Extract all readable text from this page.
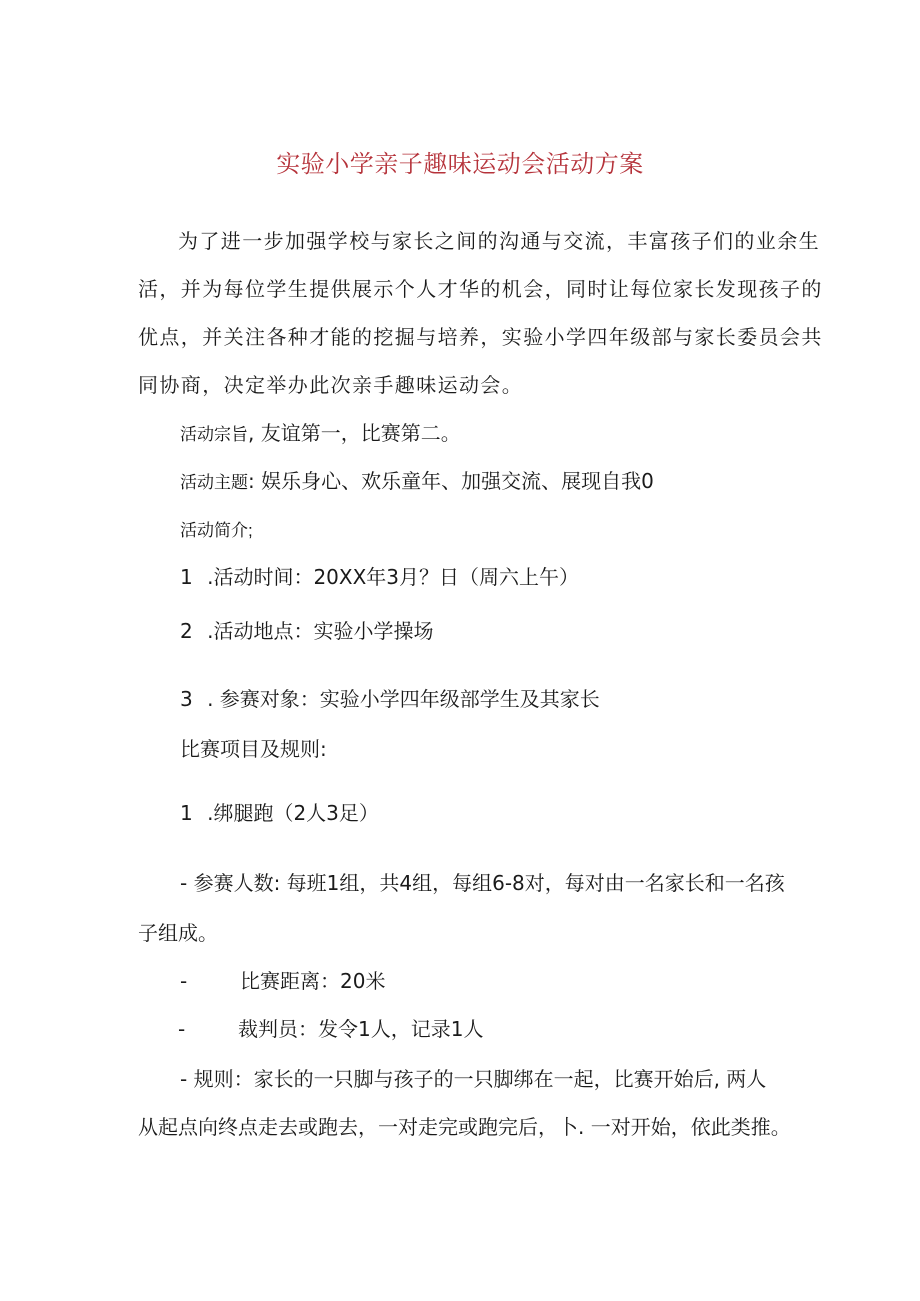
实验小学亲子趣味运动会活动方案
为了进一步加强学校与家长之间的沟通与交流，丰富孩子们的业余生
活，并为每位学生提供展示个人才华的机会，同时让每位家长发现孩子的
优点，并关注各种才能的挖掘与培养，实验小学四年级部与家长委员会共
同协商，决定举办此次亲手趣味运动会。
活动宗旨, 友谊第一，比赛第二。
活动主题: 娱乐身心、欢乐童年、加强交流、展现自我0
活动简介;
1 .活动时间：20XX年3月？日（周六上午）
2 .活动地点：实验小学操场
3 . 参赛对象：实验小学四年级部学生及其家长
比赛项目及规则:
1 .绑腿跑（2人3足）
- 参赛人数: 每班1组，共4组，每组6-8对，每对由一名家长和一名孩
子组成。
-	比赛距离：20米
-	裁判员：发令1人，记录1人
- 规则：家长的一只脚与孩子的一只脚绑在一起，比赛开始后, 两人
从起点向终点走去或跑去，一对走完或跑完后，卜. 一对开始，依此类推。
